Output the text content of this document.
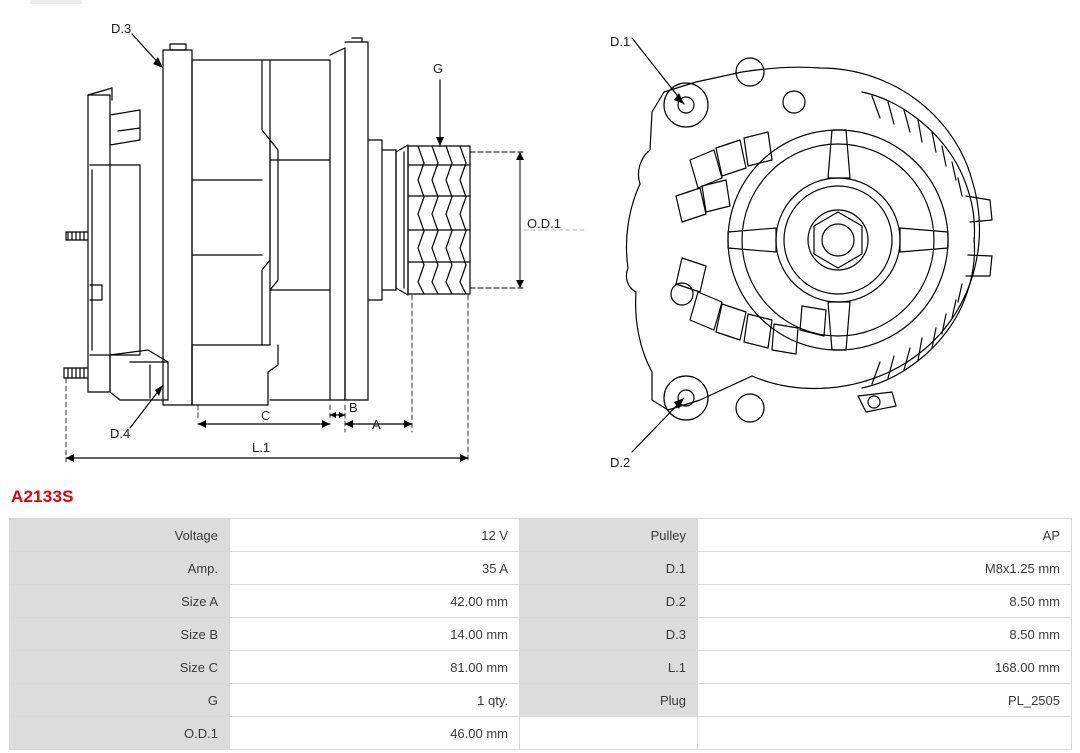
D.3
D.4
G
O.D.1
A
B
C
L.1
D.1
D.2
A2133S
Voltage	12 V	Pulley	AP
Amp.	35 A	D.1	M8x1.25 mm
Size A	42.00 mm	D.2	8.50 mm
Size B	14.00 mm	D.3	8.50 mm
Size C	81.00 mm	L.1	168.00 mm
G	1 qty.	Plug	PL_2505
O.D.1	46.00 mm		
